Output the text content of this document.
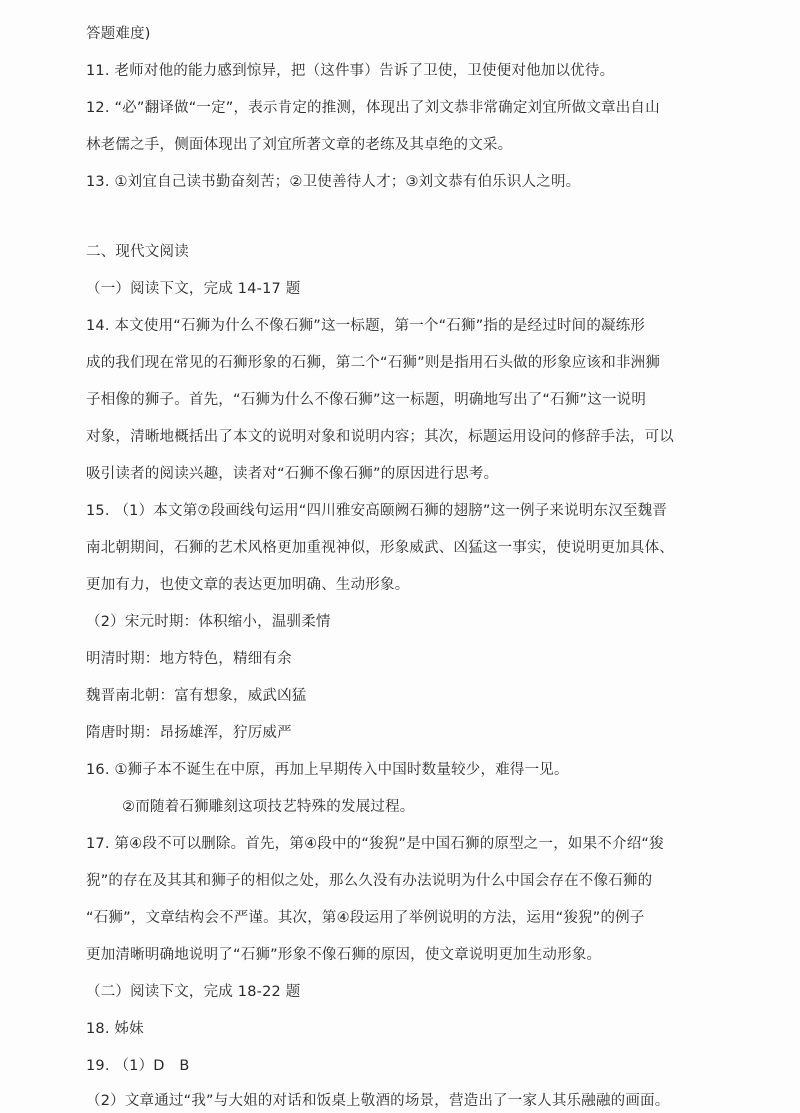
答题难度)
11. 老师对他的能力感到惊异，把（这件事）告诉了卫使，卫使便对他加以优待。
12. “必”翻译做“一定”，表示肯定的推测，体现出了刘文恭非常确定刘宜所做文章出自山
林老儒之手，侧面体现出了刘宜所著文章的老练及其卓绝的文采。
13. ①刘宜自己读书勤奋刻苦；②卫使善待人才；③刘文恭有伯乐识人之明。
二、现代文阅读
（一）阅读下文，完成 14-17 题
14. 本文使用“石狮为什么不像石狮”这一标题，第一个“石狮”指的是经过时间的凝练形
成的我们现在常见的石狮形象的石狮，第二个“石狮”则是指用石头做的形象应该和非洲狮
子相像的狮子。首先，“石狮为什么不像石狮”这一标题，明确地写出了“石狮”这一说明
对象，清晰地概括出了本文的说明对象和说明内容；其次，标题运用设问的修辞手法，可以
吸引读者的阅读兴趣，读者对“石狮不像石狮”的原因进行思考。
15. （1）本文第⑦段画线句运用“四川雅安高颐阙石狮的翅膀”这一例子来说明东汉至魏晋
南北朝期间，石狮的艺术风格更加重视神似，形象威武、凶猛这一事实，使说明更加具体、
更加有力，也使文章的表达更加明确、生动形象。
（2）宋元时期：体积缩小，温驯柔情
明清时期：地方特色，精细有余
魏晋南北朝：富有想象，威武凶猛
隋唐时期：昂扬雄浑，狞厉威严
16. ①狮子本不诞生在中原，再加上早期传入中国时数量较少，难得一见。
②而随着石狮雕刻这项技艺特殊的发展过程。
17. 第④段不可以删除。首先，第④段中的“狻猊”是中国石狮的原型之一，如果不介绍“狻
猊”的存在及其其和狮子的相似之处，那么久没有办法说明为什么中国会存在不像石狮的
“石狮”，文章结构会不严谨。其次，第④段运用了举例说明的方法，运用“狻猊”的例子
更加清晰明确地说明了“石狮”形象不像石狮的原因，使文章说明更加生动形象。
（二）阅读下文，完成 18-22 题
18. 姊妹
19. （1）D　B
（2）文章通过“我”与大姐的对话和饭桌上敬酒的场景，营造出了一家人其乐融融的画面。
